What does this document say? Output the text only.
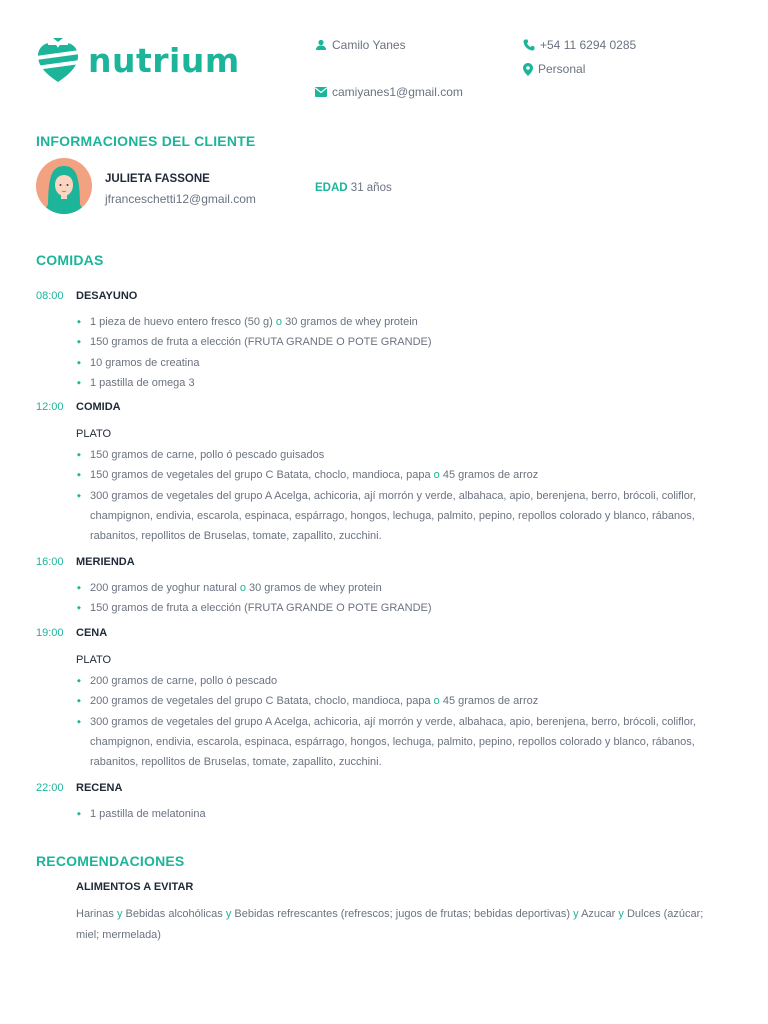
nutrium	Camilo Yanes
camiyanes1@gmail.com
+54 11 6294 0285
Personal
INFORMACIONES DEL CLIENTE
JULIETA FASSONE
jfranceschetti12@gmail.com
EDAD 31 años
COMIDAS
08:00	DESAYUNO
◆ 1 pieza de huevo entero fresco (50 g) o 30 gramos de whey protein
◆ 150 gramos de fruta a elección (FRUTA GRANDE O POTE GRANDE)
◆ 10 gramos de creatina
◆ 1 pastilla de omega 3
12:00	COMIDA
PLATO
◆ 150 gramos de carne, pollo ó pescado guisados
◆ 150 gramos de vegetales del grupo C Batata, choclo, mandioca, papa o 45 gramos de arroz
◆ 300 gramos de vegetales del grupo A Acelga, achicoria, ají morrón y verde, albahaca, apio, berenjena, berro, brócoli, coliflor, champignon, endivia, escarola, espinaca, espárrago, hongos, lechuga, palmito, pepino, repollos colorado y blanco, rábanos, rabanitos, repollitos de Bruselas, tomate, zapallito, zucchini.
16:00	MERIENDA
◆ 200 gramos de yoghur natural o 30 gramos de whey protein
◆ 150 gramos de fruta a elección (FRUTA GRANDE O POTE GRANDE)
19:00	CENA
PLATO
◆ 200 gramos de carne, pollo ó pescado
◆ 200 gramos de vegetales del grupo C Batata, choclo, mandioca, papa o 45 gramos de arroz
◆ 300 gramos de vegetales del grupo A Acelga, achicoria, ají morrón y verde, albahaca, apio, berenjena, berro, brócoli, coliflor, champignon, endivia, escarola, espinaca, espárrago, hongos, lechuga, palmito, pepino, repollos colorado y blanco, rábanos, rabanitos, repollitos de Bruselas, tomate, zapallito, zucchini.
22:00	RECENA
◆ 1 pastilla de melatonina
RECOMENDACIONES
ALIMENTOS A EVITAR
Harinas y Bebidas alcohólicas y Bebidas refrescantes (refrescos; jugos de frutas; bebidas deportivas) y Azucar y Dulces (azúcar; miel; mermelada)
